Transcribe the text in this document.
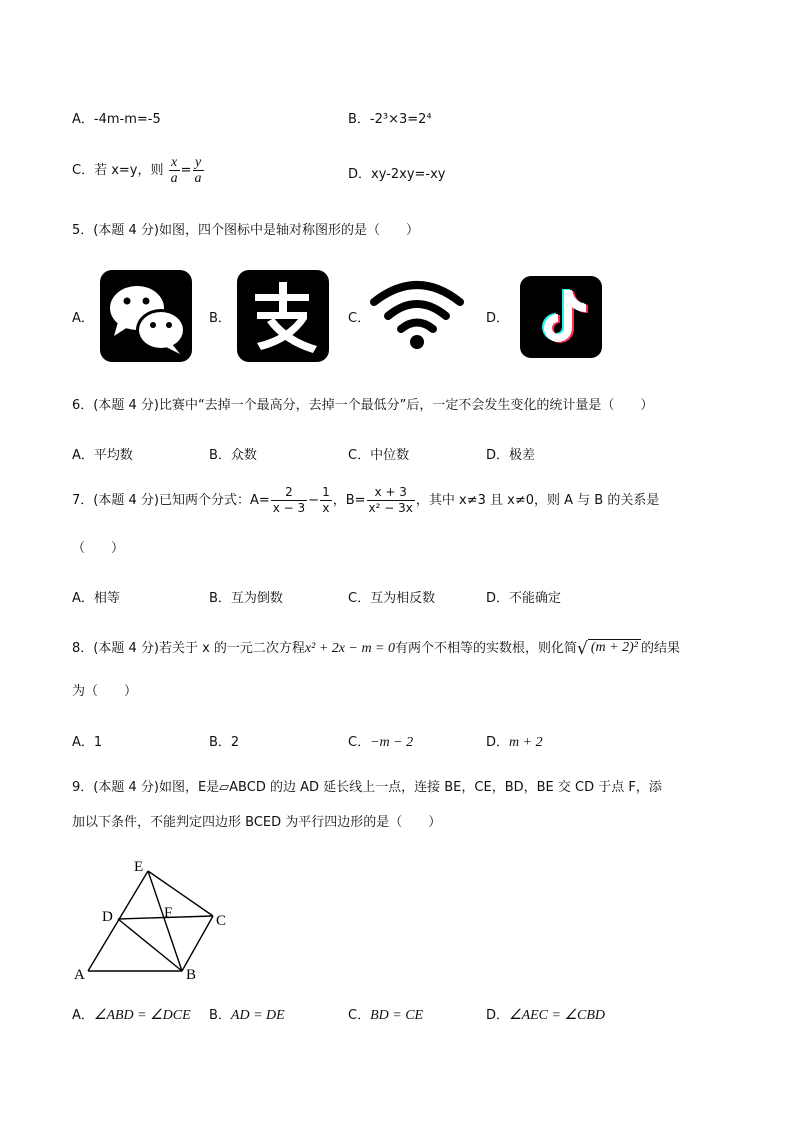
A．-4m-m=-5	B．-2³×3=2⁴
C．若 x=y，则 $\frac{x}{a} = \frac{y}{a}$	D．xy-2xy=-xy
5．(本题 4 分)如图，四个图标中是轴对称图形的是（　　）
A．	B．	C．	D．
6．(本题 4 分)比赛中“去掉一个最高分，去掉一个最低分”后，一定不会发生变化的统计量是（　　）
A．平均数	B．众数	C．中位数	D．极差
7．(本题 4 分)已知两个分式：$A= \frac{2}{x - 3} - \frac{1}{x}$ ，$B= \frac{x + 3}{\text{x² − 3x}}$ ，其中 x≠3 且 x≠0，则 A 与 B 的关系是
（　　）
A．相等	B．互为倒数	C．互为相反数	D．不能确定
8．(本题 4 分)若关于 x 的一元二次方程x² + 2x − m = 0有两个不相等的实数根，则化简 √ (m + 2)² 的结果
为（　　）
A．1	B．2	C．−m − 2	D．m + 2
9．(本题 4 分)如图，E是▱ABCD 的边 AD 延长线上一点，连接 BE，CE，BD，BE 交 CD 于点 F，添
加以下条件，不能判定四边形 BCED 为平行四边形的是（　　）
E
D	F	C
A	B
A．∠ABD = ∠DCE B．AD = DE	C．BD = CE	D．∠AEC = ∠CBD
